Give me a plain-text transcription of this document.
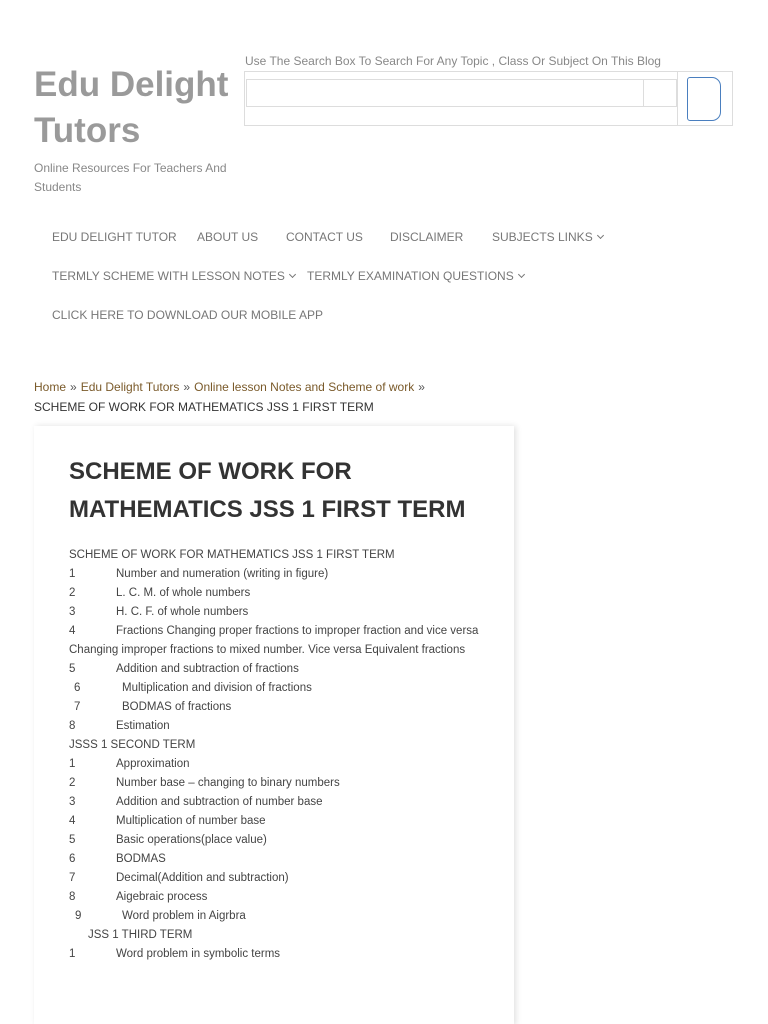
Edu Delight Tutors
Online Resources For Teachers And Students
Use The Search Box To Search For Any Topic , Class Or Subject On This Blog
EDU DELIGHT TUTOR ABOUT US CONTACT US DISCLAIMER SUBJECTS LINKS
TERMLY SCHEME WITH LESSON NOTES	TERMLY EXAMINATION QUESTIONS
CLICK HERE TO DOWNLOAD OUR MOBILE APP
Home » Edu Delight Tutors » Online lesson Notes and Scheme of work »
SCHEME OF WORK FOR MATHEMATICS JSS 1 FIRST TERM
SCHEME OF WORK FOR MATHEMATICS JSS 1 FIRST TERM
SCHEME OF WORK FOR MATHEMATICS JSS 1 FIRST TERM
1	Number and numeration (writing in figure)
2	L. C. M. of whole numbers
3	H. C. F. of whole numbers
4	Fractions Changing proper fractions to improper fraction and vice versa Changing improper fractions to mixed number. Vice versa Equivalent fractions
5	Addition and subtraction of fractions
6	Multiplication and division of fractions
7	BODMAS of fractions
8	Estimation
JSSS 1 SECOND TERM
1	Approximation
2	Number base – changing to binary numbers
3	Addition and subtraction of number base
4	Multiplication of number base
5	Basic operations(place value)
6	BODMAS
7	Decimal(Addition and subtraction)
8	Aigebraic process
9	Word problem in Aigrbra
JSS 1 THIRD TERM
1	Word problem in symbolic terms
